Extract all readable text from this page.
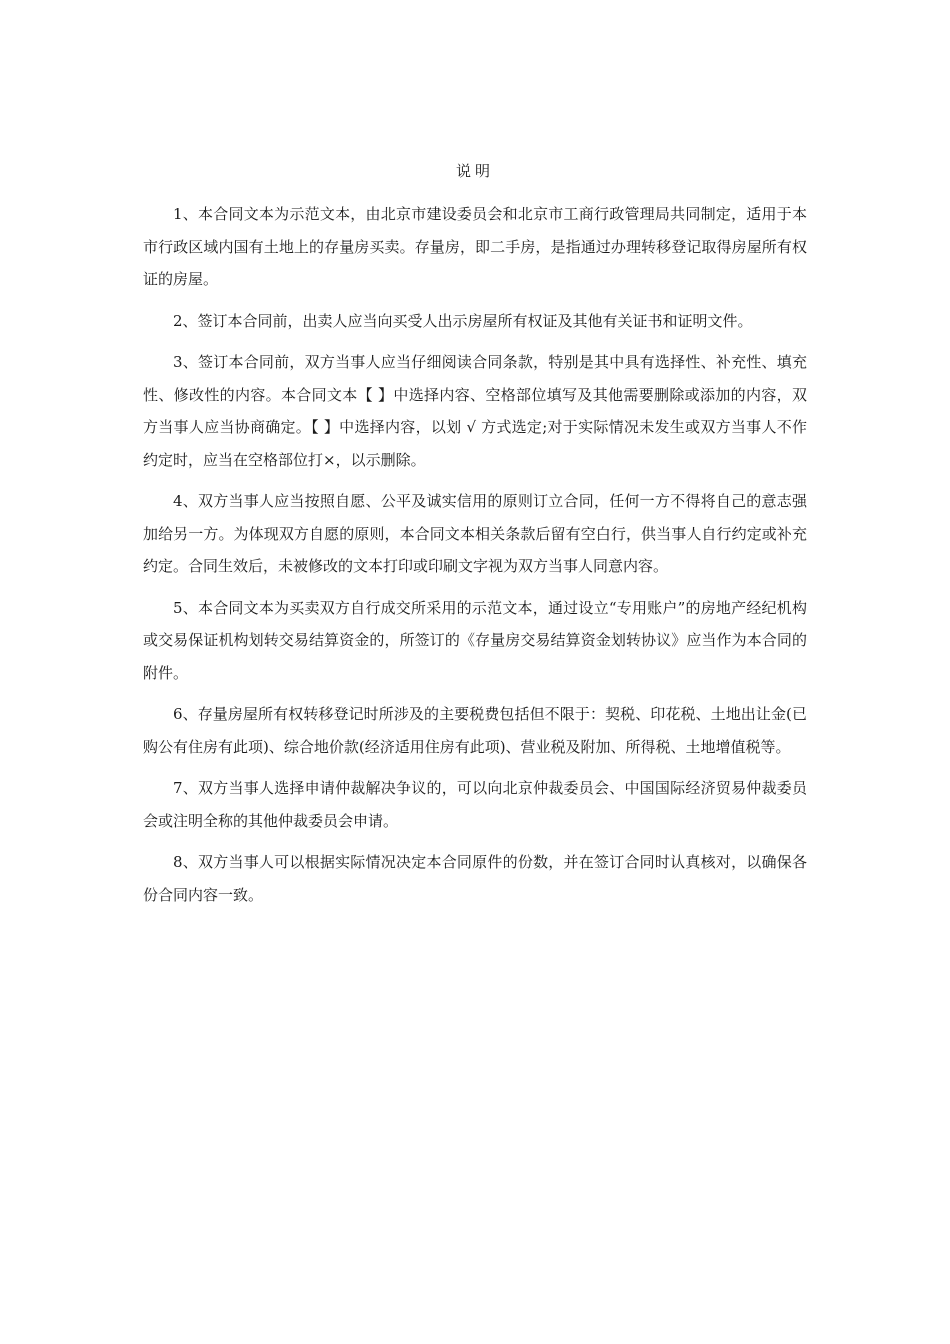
说明

1、本合同文本为示范文本，由北京市建设委员会和北京市工商行政管理局共同制定，适用于本市行政区域内国有土地上的存量房买卖。存量房，即二手房，是指通过办理转移登记取得房屋所有权证的房屋。

2、签订本合同前，出卖人应当向买受人出示房屋所有权证及其他有关证书和证明文件。

3、签订本合同前，双方当事人应当仔细阅读合同条款，特别是其中具有选择性、补充性、填充性、修改性的内容。本合同文本【 】中选择内容、空格部位填写及其他需要删除或添加的内容，双方当事人应当协商确定。【 】中选择内容，以划 √ 方式选定;对于实际情况未发生或双方当事人不作约定时，应当在空格部位打×，以示删除。

4、双方当事人应当按照自愿、公平及诚实信用的原则订立合同，任何一方不得将自己的意志强加给另一方。为体现双方自愿的原则，本合同文本相关条款后留有空白行，供当事人自行约定或补充约定。合同生效后，未被修改的文本打印或印刷文字视为双方当事人同意内容。

5、本合同文本为买卖双方自行成交所采用的示范文本，通过设立“专用账户”的房地产经纪机构或交易保证机构划转交易结算资金的，所签订的《存量房交易结算资金划转协议》应当作为本合同的附件。

6、存量房屋所有权转移登记时所涉及的主要税费包括但不限于：契税、印花税、土地出让金(已购公有住房有此项)、综合地价款(经济适用住房有此项)、营业税及附加、所得税、土地增值税等。

7、双方当事人选择申请仲裁解决争议的，可以向北京仲裁委员会、中国国际经济贸易仲裁委员会或注明全称的其他仲裁委员会申请。

8、双方当事人可以根据实际情况决定本合同原件的份数，并在签订合同时认真核对，以确保各份合同内容一致。
